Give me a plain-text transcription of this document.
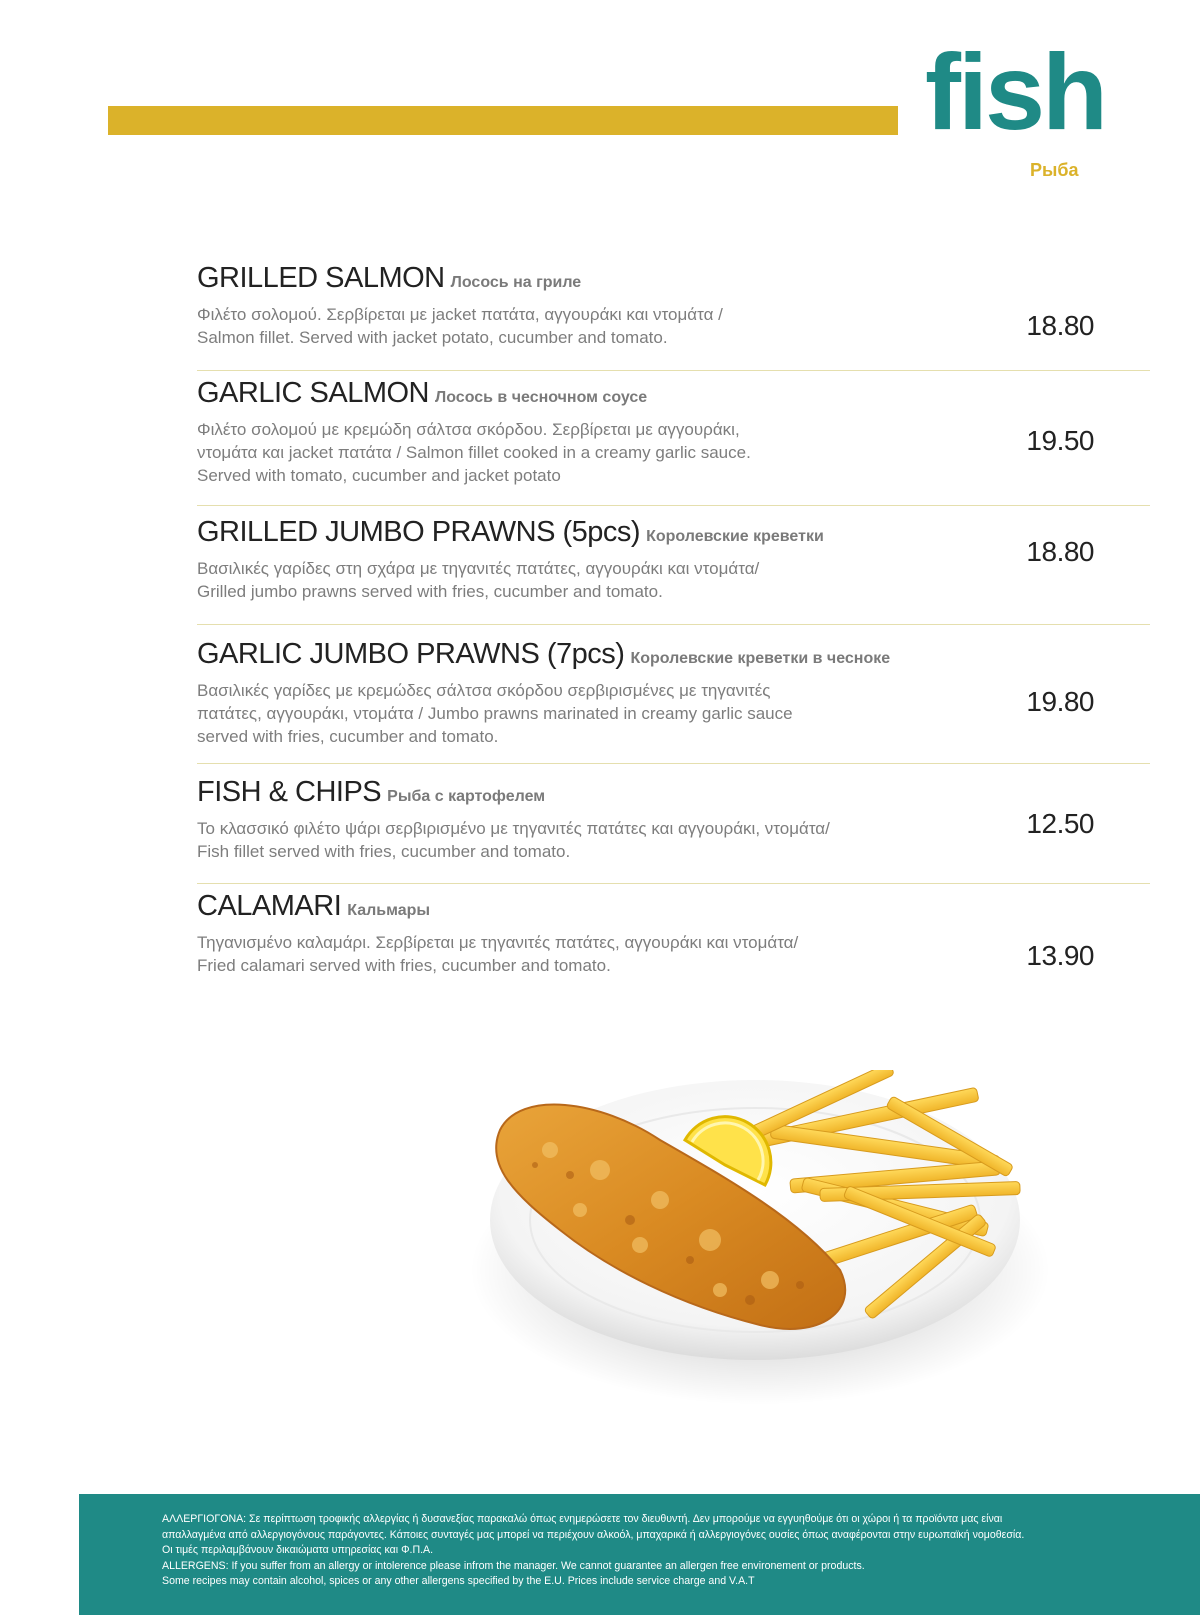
fish
Рыба
GRILLED SALMON Лосось на гриле
Φιλέτο σολομού. Σερβίρεται με jacket πατάτα, αγγουράκι και ντομάτα /
Salmon fillet. Served with jacket potato, cucumber and tomato.	18.80
GARLIC SALMON Лосось в чесночном соусе
Φιλέτο σολομού με κρεμώδη σάλτσα σκόρδου. Σερβίρεται με αγγουράκι,
ντομάτα και jacket πατάτα / Salmon fillet cooked in a creamy garlic sauce.
Served with tomato, cucumber and jacket potato
19.50
GRILLED JUMBO PRAWNS (5pcs) Королевские креветки
Βασιλικές γαρίδες στη σχάρα με τηγανιτές πατάτες, αγγουράκι και ντομάτα/
Grilled jumbo prawns served with fries, cucumber and tomato.
18.80
GARLIC JUMBO PRAWNS (7pcs) Королевские креветки в чесноке
Βασιλικές γαρίδες με κρεμώδες σάλτσα σκόρδου σερβιρισμένες με τηγανιτές
πατάτες, αγγουράκι, ντομάτα / Jumbo prawns marinated in creamy garlic sauce
served with fries, cucumber and tomato.
19.80
FISH & CHIPS Рыба с картофелем
Το κλασσικό φιλέτο ψάρι σερβιρισμένο με τηγανιτές πατάτες και αγγουράκι, ντομάτα/
Fish fillet served with fries, cucumber and tomato.
12.50
CALAMARI Кальмары
Τηγανισμένο καλαμάρι. Σερβίρεται με τηγανιτές πατάτες, αγγουράκι και ντομάτα/
Fried calamari served with fries, cucumber and tomato.	13.90
ΑΛΛΕΡΓΙΟΓΟΝΑ: Σε περίπτωση τροφικής αλλεργίας ή δυσανεξίας παρακαλώ όπως ενημερώσετε τον διευθυντή. Δεν μπορούμε να εγγυηθούμε ότι οι χώροι ή τα προϊόντα μας είναι
απαλλαγμένα από αλλεργιογόνους παράγοντες. Κάποιες συνταγές μας μπορεί να περιέχουν αλκοόλ, μπαχαρικά ή αλλεργιογόνες ουσίες όπως αναφέρονται στην ευρωπαϊκή νομοθεσία.
Οι τιμές περιλαμβάνουν δικαιώματα υπηρεσίας και Φ.Π.Α.
ALLERGENS: If you suffer from an allergy or intolerence please infrom the manager. We cannot guarantee an allergen free environement or products.
Some recipes may contain alcohol, spices or any other allergens specified by the E.U. Prices include service charge and V.A.T
